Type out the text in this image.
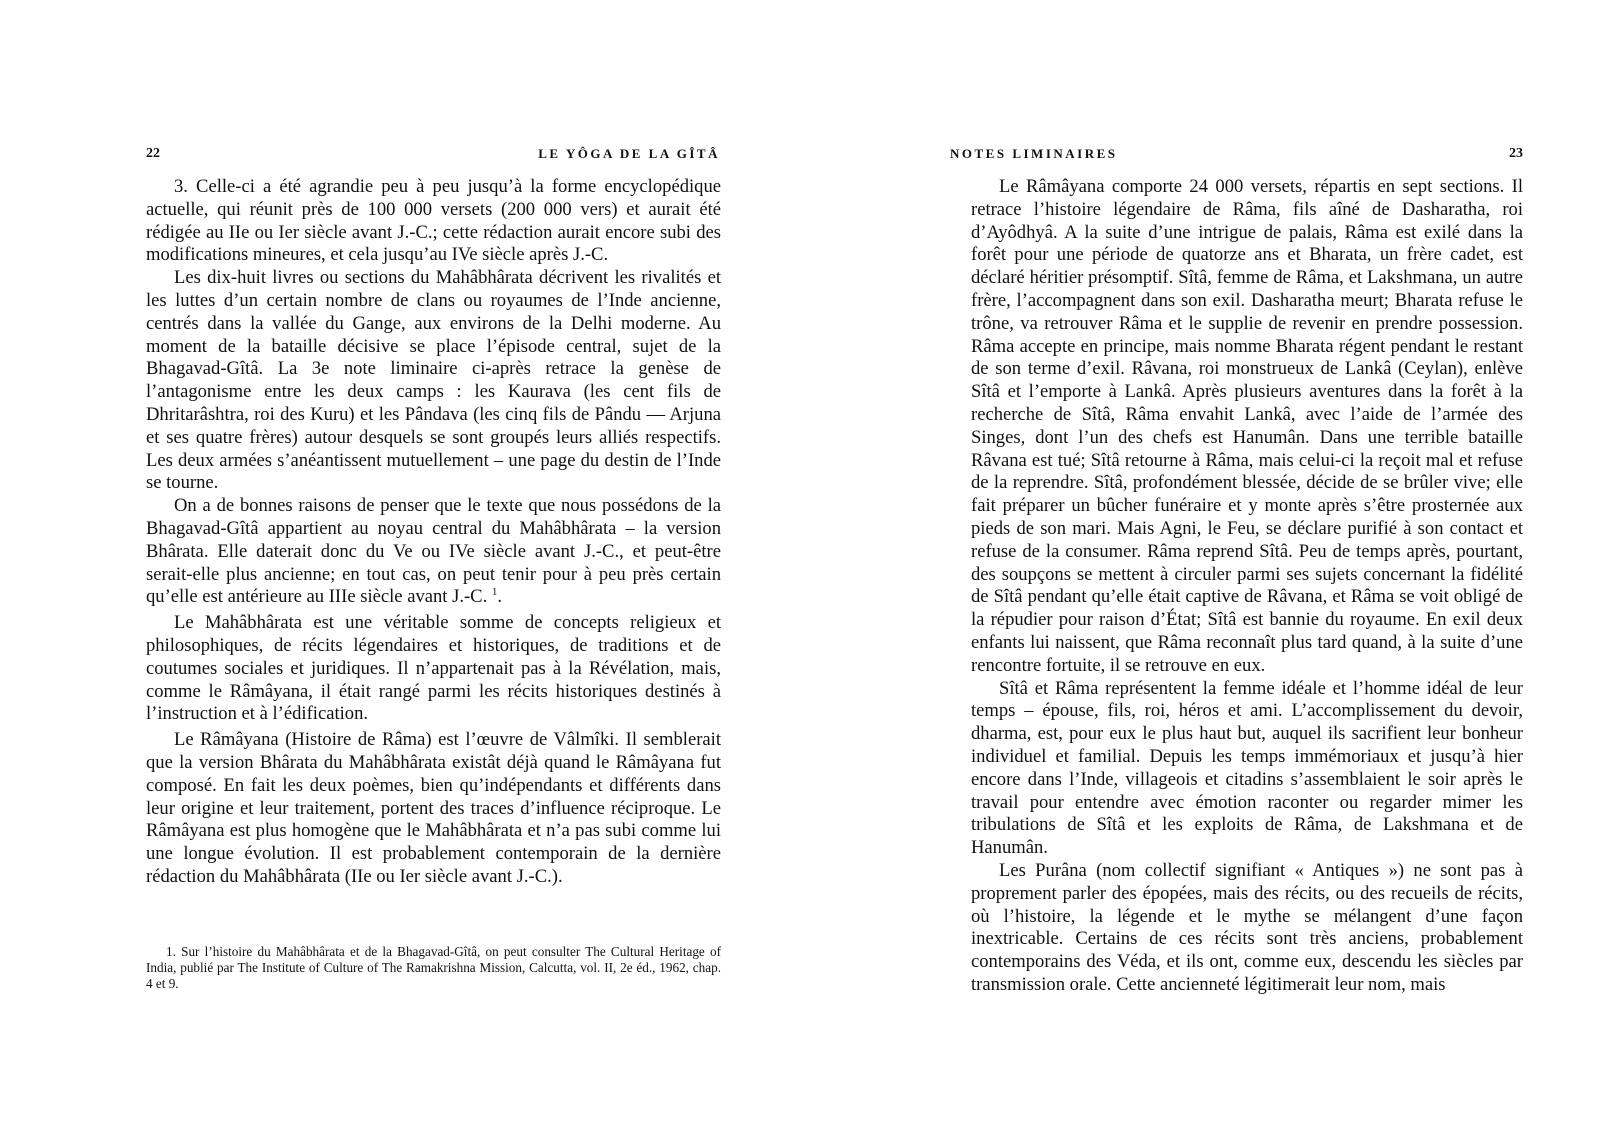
22	LE YÔGA DE LA GÎTÂ

3. Celle-ci a été agrandie peu à peu jusqu’à la forme encyclopédique actuelle, qui réunit près de 100 000 versets (200 000 vers) et aurait été rédigée au IIe ou Ier siècle avant J.-C.; cette rédaction aurait encore subi des modifications mineures, et cela jusqu’au IVe siècle après J.-C.

Les dix-huit livres ou sections du Mahâbhârata décrivent les rivalités et les luttes d’un certain nombre de clans ou royaumes de l’Inde ancienne, centrés dans la vallée du Gange, aux environs de la Delhi moderne. Au moment de la bataille décisive se place l’épisode central, sujet de la Bhagavad-Gîtâ. La 3e note liminaire ci-après retrace la genèse de l’antagonisme entre les deux camps : les Kaurava (les cent fils de Dhritarâshtra, roi des Kuru) et les Pândava (les cinq fils de Pându — Arjuna et ses quatre frères) autour desquels se sont groupés leurs alliés respectifs. Les deux armées s’anéantissent mutuellement – une page du destin de l’Inde se tourne.

On a de bonnes raisons de penser que le texte que nous possédons de la Bhagavad-Gîtâ appartient au noyau central du Mahâbhârata – la version Bhârata. Elle daterait donc du Ve ou IVe siècle avant J.-C., et peut-être serait-elle plus ancienne; en tout cas, on peut tenir pour à peu près certain qu’elle est antérieure au IIIe siècle avant J.-C. $^1$.

Le Mahâbhârata est une véritable somme de concepts religieux et philosophiques, de récits légendaires et historiques, de traditions et de coutumes sociales et juridiques. Il n’appartenait pas à la Révélation, mais, comme le Râmâyana, il était rangé parmi les récits historiques destinés à l’instruction et à l’édification.

Le Râmâyana (Histoire de Râma) est l’œuvre de Vâlmîki. Il semblerait que la version Bhârata du Mahâbhârata existât déjà quand le Râmâyana fut composé. En fait les deux poèmes, bien qu’indépendants et différents dans leur origine et leur traitement, portent des traces d’influence réciproque. Le Râmâyana est plus homogène que le Mahâbhârata et n’a pas subi comme lui une longue évolution. Il est probablement contemporain de la dernière rédaction du Mahâbhârata (IIe ou Ier siècle avant J.-C.).

1. Sur l’histoire du Mahâbhârata et de la Bhagavad-Gîtâ, on peut consulter The Cultural Heritage of India, publié par The Institute of Culture of The Ramakrishna Mission, Calcutta, vol. II, 2e éd., 1962, chap. 4 et 9.

NOTES LIMINAIRES	23

Le Râmâyana comporte 24 000 versets, répartis en sept sections. Il retrace l’histoire légendaire de Râma, fils aîné de Dasharatha, roi d’Ayôdhyâ. A la suite d’une intrigue de palais, Râma est exilé dans la forêt pour une période de quatorze ans et Bharata, un frère cadet, est déclaré héritier présomptif. Sîtâ, femme de Râma, et Lakshmana, un autre frère, l’accompagnent dans son exil. Dasharatha meurt; Bharata refuse le trône, va retrouver Râma et le supplie de revenir en prendre possession. Râma accepte en principe, mais nomme Bharata régent pendant le restant de son terme d’exil. Râvana, roi monstrueux de Lankâ (Ceylan), enlève Sîtâ et l’emporte à Lankâ. Après plusieurs aventures dans la forêt à la recherche de Sîtâ, Râma envahit Lankâ, avec l’aide de l’armée des Singes, dont l’un des chefs est Hanumân. Dans une terrible bataille Râvana est tué; Sîtâ retourne à Râma, mais celui-ci la reçoit mal et refuse de la reprendre. Sîtâ, profondément blessée, décide de se brûler vive; elle fait préparer un bûcher funéraire et y monte après s’être prosternée aux pieds de son mari. Mais Agni, le Feu, se déclare purifié à son contact et refuse de la consumer. Râma reprend Sîtâ. Peu de temps après, pourtant, des soupçons se mettent à circuler parmi ses sujets concernant la fidélité de Sîtâ pendant qu’elle était captive de Râvana, et Râma se voit obligé de la répudier pour raison d’État; Sîtâ est bannie du royaume. En exil deux enfants lui naissent, que Râma reconnaît plus tard quand, à la suite d’une rencontre fortuite, il se retrouve en eux.

Sîtâ et Râma représentent la femme idéale et l’homme idéal de leur temps – épouse, fils, roi, héros et ami. L’accomplissement du devoir, dharma, est, pour eux le plus haut but, auquel ils sacrifient leur bonheur individuel et familial. Depuis les temps immémoriaux et jusqu’à hier encore dans l’Inde, villageois et citadins s’assemblaient le soir après le travail pour entendre avec émotion raconter ou regarder mimer les tribulations de Sîtâ et les exploits de Râma, de Lakshmana et de Hanumân.

Les Purâna (nom collectif signifiant « Antiques ») ne sont pas à proprement parler des épopées, mais des récits, ou des recueils de récits, où l’histoire, la légende et le mythe se mélangent d’une façon inextricable. Certains de ces récits sont très anciens, probablement contemporains des Véda, et ils ont, comme eux, descendu les siècles par transmission orale. Cette ancienneté légitimerait leur nom, mais
